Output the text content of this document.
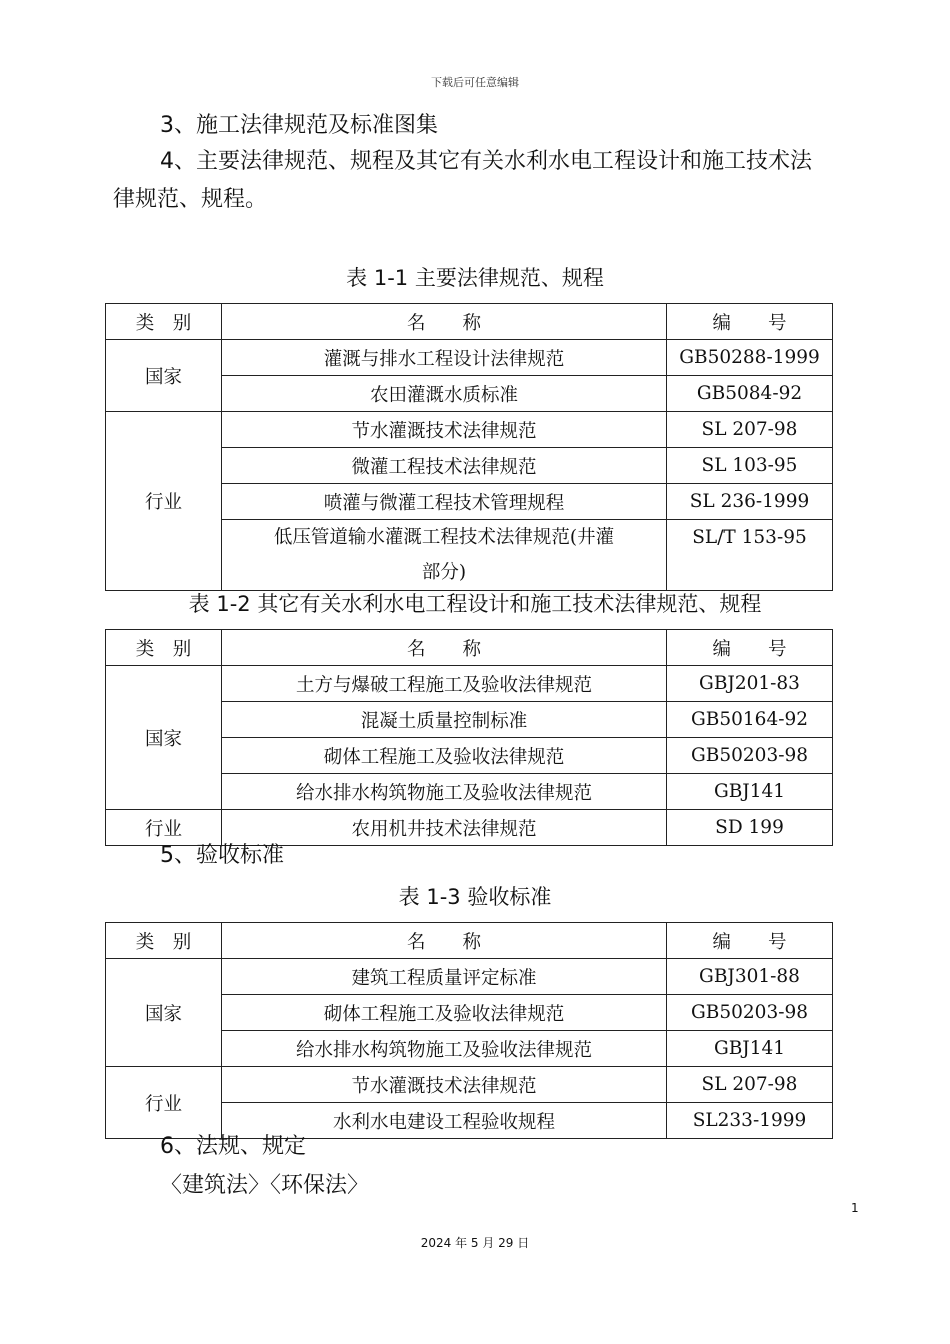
下载后可任意编辑
3、施工法律规范及标准图集
4、主要法律规范、规程及其它有关水利水电工程设计和施工技术法
律规范、规程。
表 1-1 主要法律规范、规程
类　别	名　　称	编　　号
国家	灌溉与排水工程设计法律规范	GB50288-1999
	农田灌溉水质标准	GB5084-92
行业	节水灌溉技术法律规范	SL 207-98
	微灌工程技术法律规范	SL 103-95
	喷灌与微灌工程技术管理规程	SL 236-1999

	低压管道输水灌溉工程技术法律规范(井灌
部分)	SL/T 153-95
表 1-2 其它有关水利水电工程设计和施工技术法律规范、规程
类　别	名　　称	编　　号
国家	土方与爆破工程施工及验收法律规范	GBJ201-83
	混凝土质量控制标准	GB50164-92
	砌体工程施工及验收法律规范	GB50203-98
	给水排水构筑物施工及验收法律规范	GBJ141
行业	农用机井技术法律规范	SD 199
5、验收标准
表 1-3 验收标准
类　别	名　　称	编　　号
国家	建筑工程质量评定标准	GBJ301-88
	砌体工程施工及验收法律规范	GB50203-98
	给水排水构筑物施工及验收法律规范	GBJ141
行业	节水灌溉技术法律规范	SL 207-98
	水利水电建设工程验收规程	SL233-1999
6、法规、规定
〈建筑法〉〈环保法〉
1
2024 年 5 月 29 日
